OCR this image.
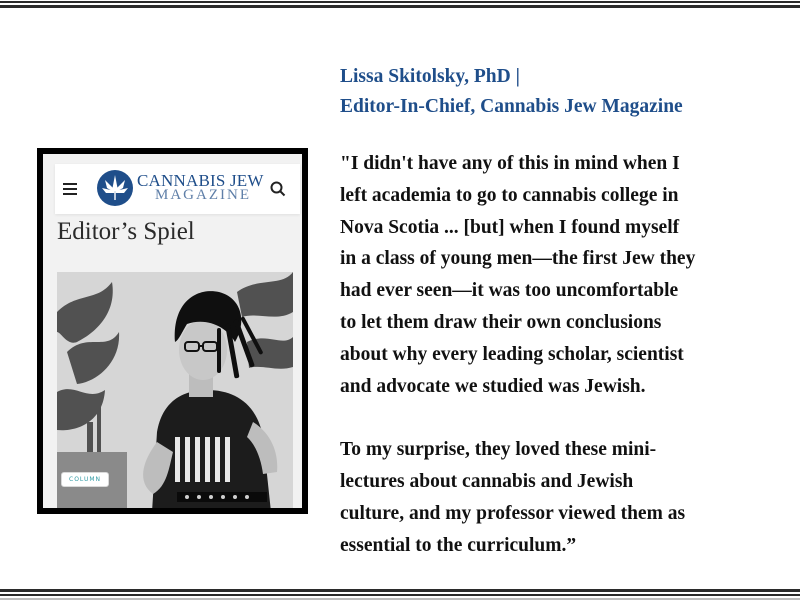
Lissa Skitolsky, PhD |
Editor-In-Chief, Cannabis Jew Magazine
CANNABIS JEW
MAGAZINE
Editor’s Spiel
COLUMN
"I didn't have any of this in mind when I
left academia to go to cannabis college in
Nova Scotia ... [but] when I found myself
in a class of young men—the first Jew they
had ever seen—it was too uncomfortable
to let them draw their own conclusions
about why every leading scholar, scientist
and advocate we studied was Jewish.
To my surprise, they loved these mini-
lectures about cannabis and Jewish
culture, and my professor viewed them as
essential to the curriculum.”
